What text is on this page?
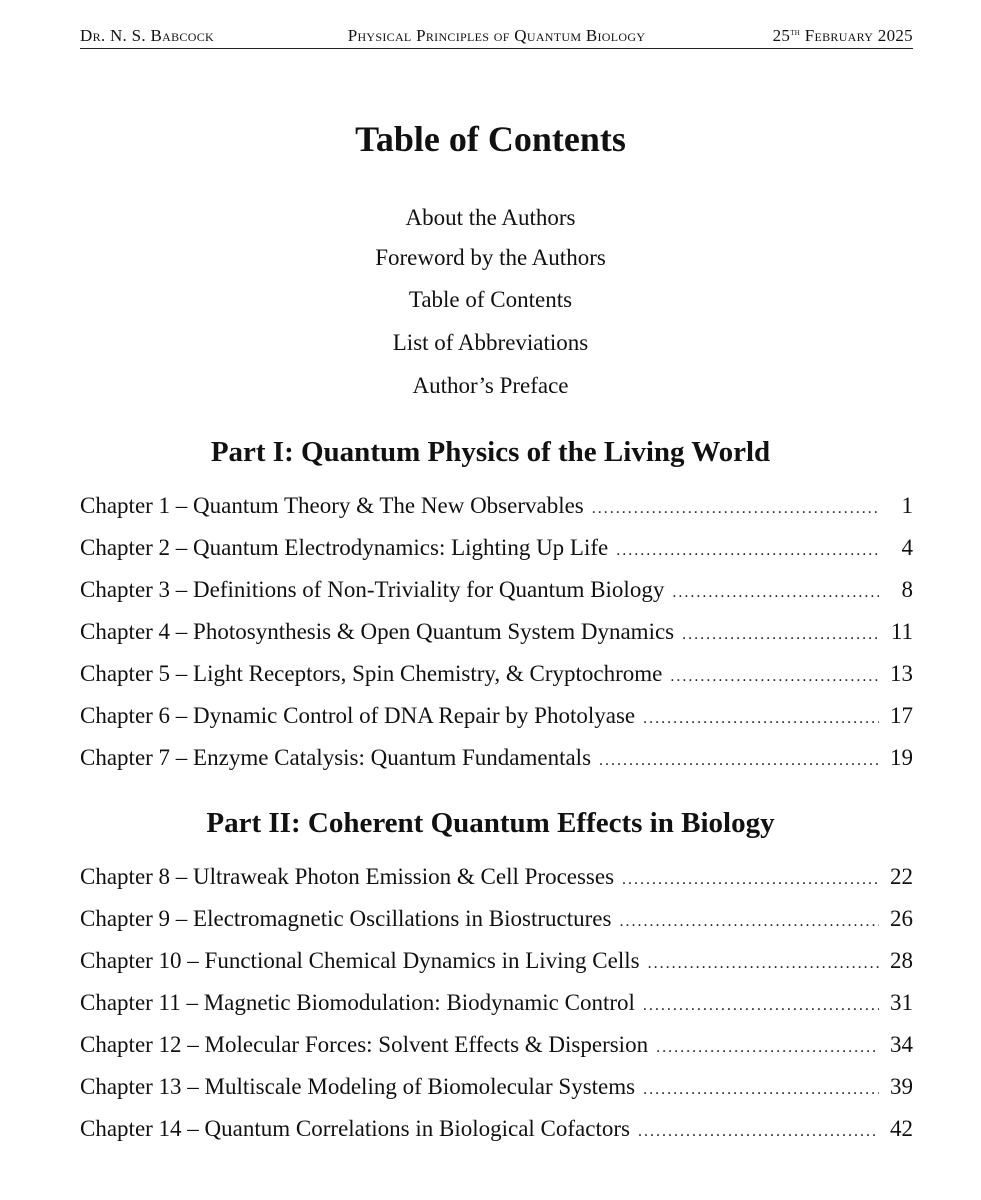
Dr. N. S. Babcock	Physical Principles of Quantum Biology	25th February 2025
Table of Contents
About the Authors
Foreword by the Authors
Table of Contents
List of Abbreviations
Author’s Preface
Part I: Quantum Physics of the Living World
Chapter 1 – Quantum Theory & The New Observables .....	1
Chapter 2 – Quantum Electrodynamics: Lighting Up Life .....	4
Chapter 3 – Definitions of Non-Triviality for Quantum Biology .....	8
Chapter 4 – Photosynthesis & Open Quantum System Dynamics .....	11
Chapter 5 – Light Receptors, Spin Chemistry, & Cryptochrome .....	13
Chapter 6 – Dynamic Control of DNA Repair by Photolyase .....	17
Chapter 7 – Enzyme Catalysis: Quantum Fundamentals .....	19
Part II: Coherent Quantum Effects in Biology
Chapter 8 – Ultraweak Photon Emission & Cell Processes .....	22
Chapter 9 – Electromagnetic Oscillations in Biostructures .....	26
Chapter 10 – Functional Chemical Dynamics in Living Cells .....	28
Chapter 11 – Magnetic Biomodulation: Biodynamic Control .....	31
Chapter 12 – Molecular Forces: Solvent Effects & Dispersion .....	34
Chapter 13 – Multiscale Modeling of Biomolecular Systems .....	39
Chapter 14 – Quantum Correlations in Biological Cofactors .....	42
